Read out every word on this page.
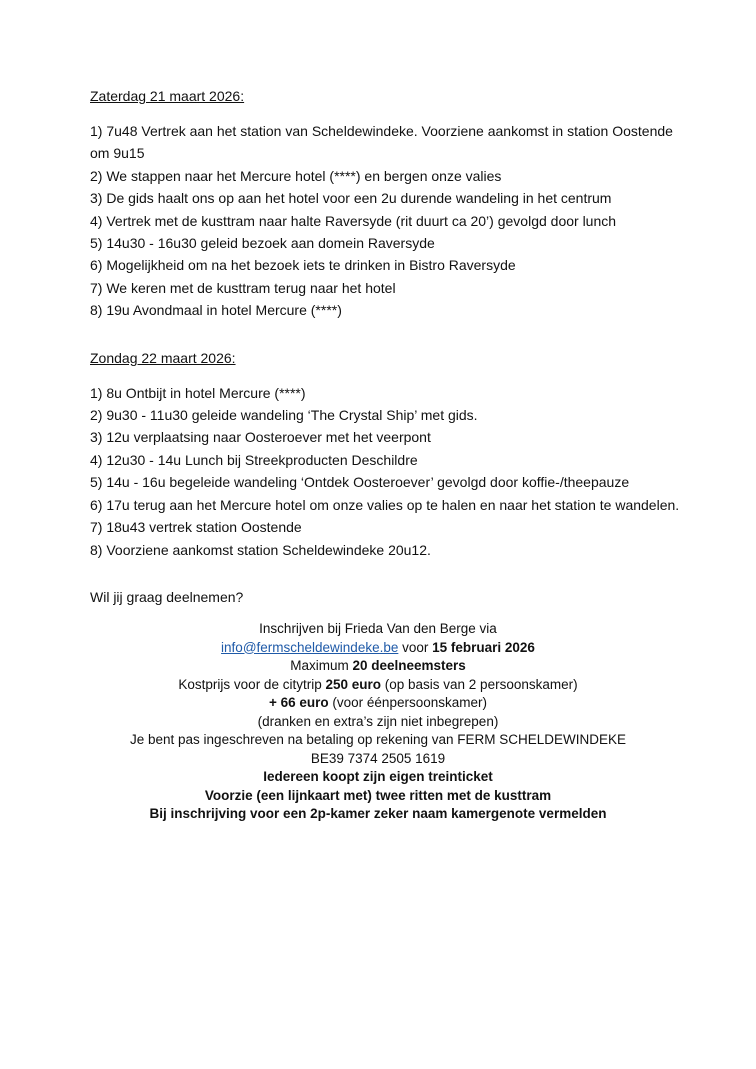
Zaterdag 21 maart 2026:
1) 7u48 Vertrek aan het station van Scheldewindeke. Voorziene aankomst in station Oostende om 9u15
2) We stappen naar het Mercure hotel (****) en bergen onze valies
3) De gids haalt ons op aan het hotel voor een 2u durende wandeling in het centrum
4) Vertrek met de kusttram naar halte Raversyde (rit duurt ca 20’) gevolgd door lunch
5) 14u30 - 16u30 geleid bezoek aan domein Raversyde
6) Mogelijkheid om na het bezoek iets te drinken in Bistro Raversyde
7) We keren met de kusttram terug naar het hotel
8) 19u Avondmaal in hotel Mercure (****)
Zondag 22 maart 2026:
1) 8u Ontbijt in hotel Mercure (****)
2) 9u30 - 11u30 geleide wandeling ‘The Crystal Ship’ met gids.
3) 12u verplaatsing naar Oosteroever met het veerpont
4) 12u30 - 14u Lunch bij Streekproducten Deschildre
5) 14u - 16u begeleide wandeling ‘Ontdek Oosteroever’ gevolgd door koffie-/theepauze
6) 17u terug aan het Mercure hotel om onze valies op te halen en naar het station te wandelen.
7) 18u43 vertrek station Oostende
8) Voorziene aankomst station Scheldewindeke 20u12.
Wil jij graag deelnemen?
Inschrijven bij Frieda Van den Berge via
info@fermscheldewindeke.be voor 15 februari 2026
Maximum 20 deelneemsters
Kostprijs voor de citytrip 250 euro (op basis van 2 persoonskamer)
+ 66 euro (voor éénpersoonskamer)
(dranken en extra’s zijn niet inbegrepen)
Je bent pas ingeschreven na betaling op rekening van FERM SCHELDEWINDEKE
BE39 7374 2505 1619
Iedereen koopt zijn eigen treinticket
Voorzie (een lijnkaart met) twee ritten met de kusttram
Bij inschrijving voor een 2p-kamer zeker naam kamergenote vermelden
